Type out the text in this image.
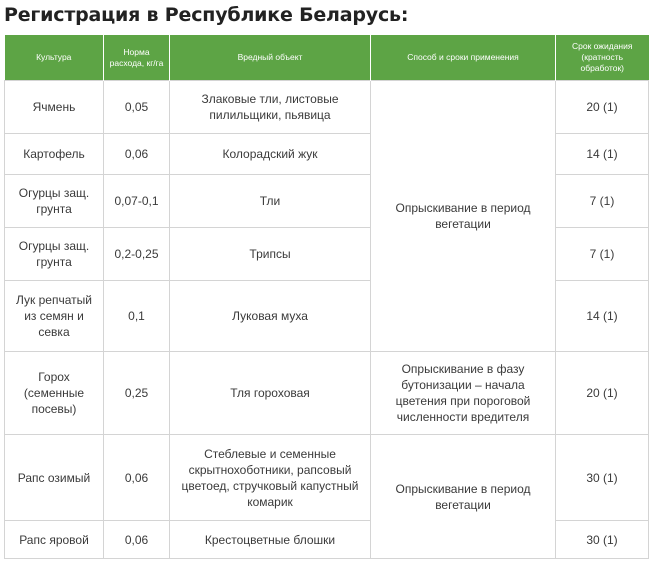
Регистрация в Республике Беларусь:
Культура	Норма расхода, кг/га	Вредный объект	Способ и сроки применения	Срок ожидания (кратность обработок)
Ячмень	0,05	Злаковые тли, листовые пилильщики, пьявица	Опрыскивание в период вегетации	20 (1)
Картофель	0,06	Колорадский жук		14 (1)
Огурцы защ. грунта	0,07-0,1	Тли		7 (1)
Огурцы защ. грунта	0,2-0,25	Трипсы		7 (1)
Лук репчатый из семян и севка	0,1	Луковая муха		14 (1)
Горох (семенные посевы)	0,25	Тля гороховая	Опрыскивание в фазу бутонизации – начала цветения при пороговой численности вредителя	20 (1)
Рапс озимый	0,06	Стеблевые и семенные скрытнохоботники, рапсовый цветоед, стручковый капустный комарик	Опрыскивание в период вегетации	30 (1)
Рапс яровой	0,06	Крестоцветные блошки		30 (1)
